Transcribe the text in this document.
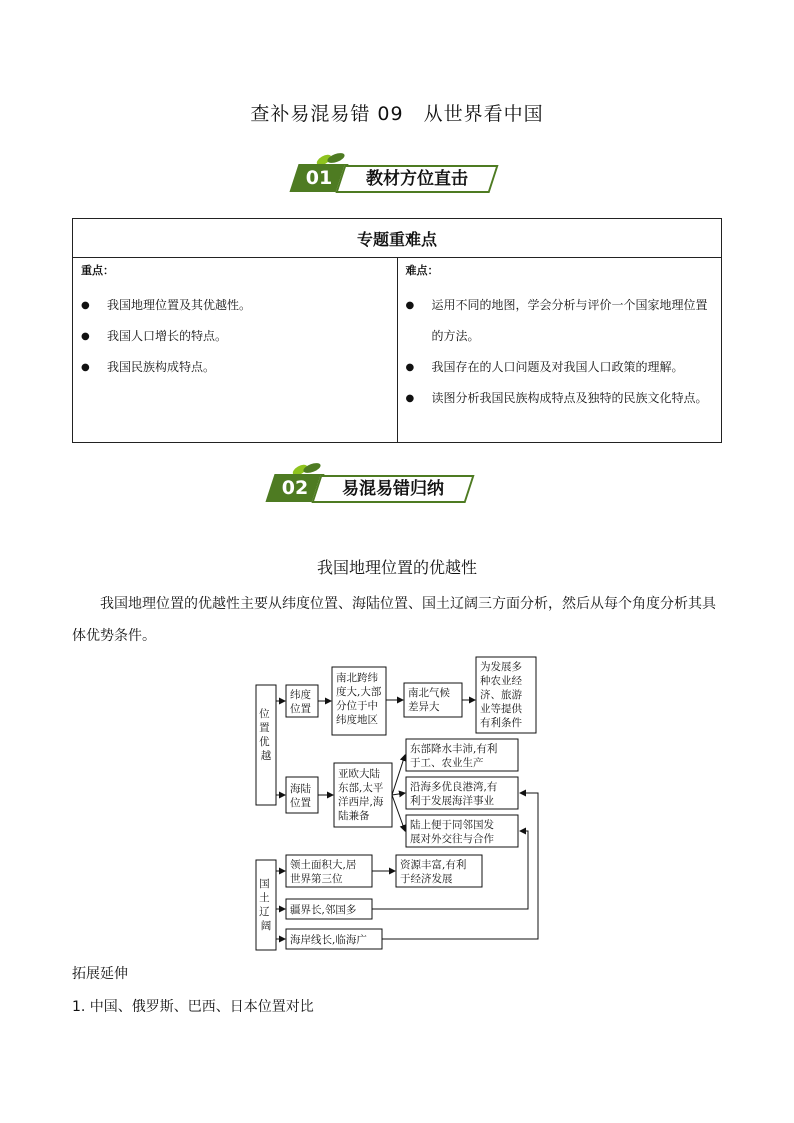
查补易混易错 09　从世界看中国
01	教材方位直击
专题重难点

重点：
● 我国地理位置及其优越性。
● 我国人口增长的特点。
● 我国民族构成特点。

难点：
● 运用不同的地图，学会分析与评价一个国家地理位置的方法。
● 我国存在的人口问题及对我国人口政策的理解。
● 读图分析我国民族构成特点及独特的民族文化特点。
02	易混易错归纳
我国地理位置的优越性
我国地理位置的优越性主要从纬度位置、海陆位置、国土辽阔三方面分析，然后从每个角度分析其具体优势条件。
位 置 优 越
国 土 辽 阔
纬度 位置
南北跨纬 度大,大部 分位于中 纬度地区
南北气候 差异大
为发展多 种农业经 济、旅游 业等提供 有利条件
海陆 位置
亚欧大陆 东部,太平 洋西岸,海 陆兼备
东部降水丰沛,有利 于工、农业生产
沿海多优良港湾,有 利于发展海洋事业
陆上便于同邻国发 展对外交往与合作
领土面积大,居 世界第三位
资源丰富,有利 于经济发展
疆界长,邻国多
海岸线长,临海广
拓展延伸
1. 中国、俄罗斯、巴西、日本位置对比
